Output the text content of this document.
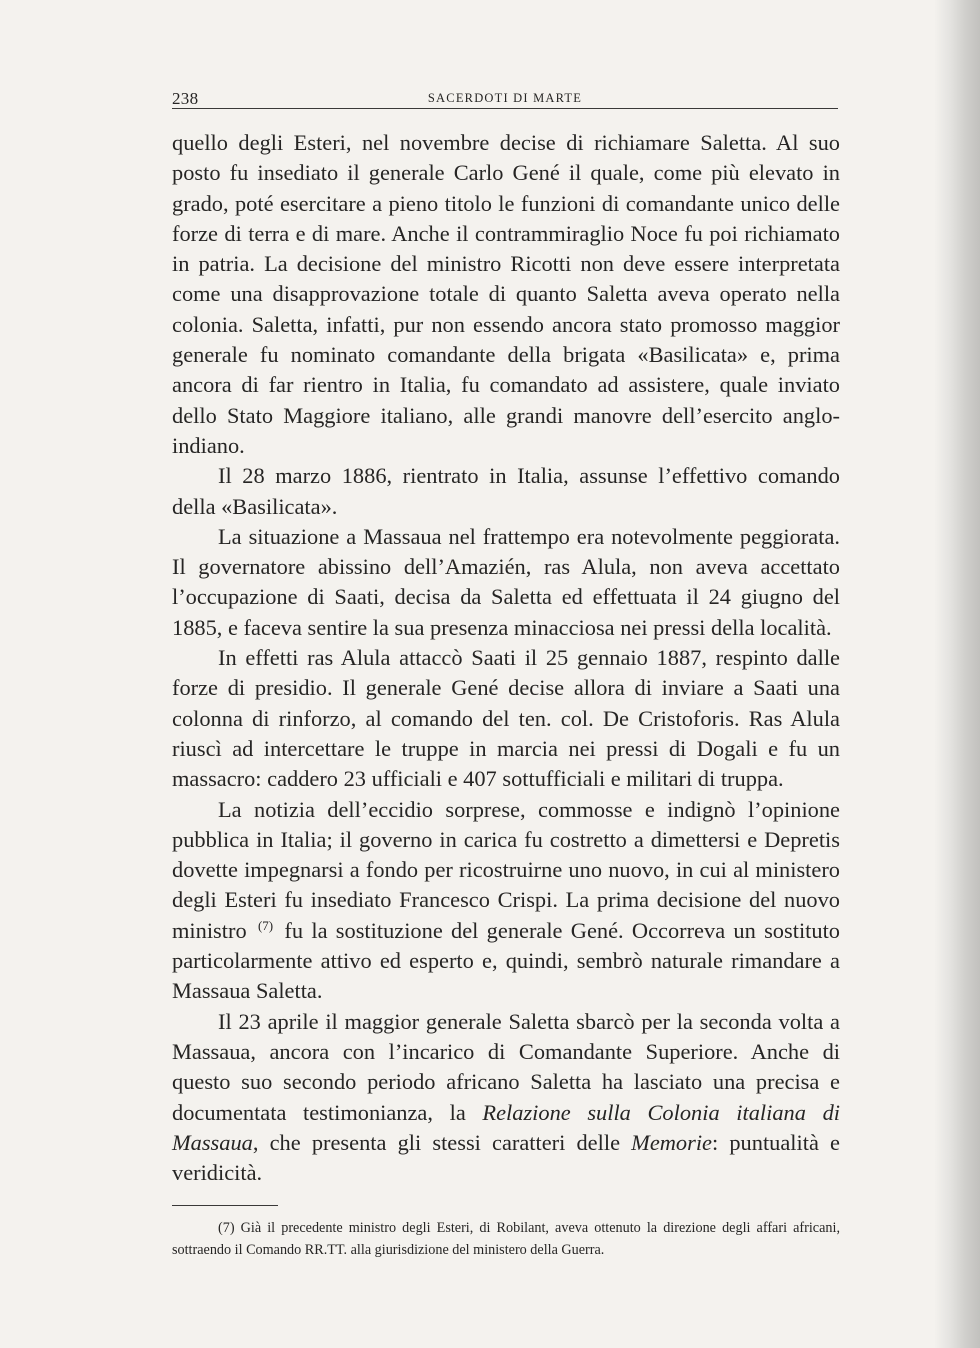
238	SACERDOTI DI MARTE

quello degli Esteri, nel novembre decise di richiamare Saletta. Al suo posto fu insediato il generale Carlo Gené il quale, come più elevato in grado, poté esercitare a pieno titolo le funzioni di comandante unico delle forze di terra e di mare. Anche il contrammiraglio Noce fu poi richiamato in patria. La decisione del ministro Ricotti non deve essere interpretata come una disapprovazione totale di quanto Saletta aveva operato nella colonia. Saletta, infatti, pur non essendo ancora stato promosso maggior generale fu nominato comandante della brigata «Basilicata» e, prima ancora di far rientro in Italia, fu comandato ad assistere, quale inviato dello Stato Maggiore italiano, alle grandi manovre dell’esercito anglo-indiano.

Il 28 marzo 1886, rientrato in Italia, assunse l’effettivo comando della «Basilicata».

La situazione a Massaua nel frattempo era notevolmente peggiorata. Il governatore abissino dell’Amazién, ras Alula, non aveva accettato l’occupazione di Saati, decisa da Saletta ed effettuata il 24 giugno del 1885, e faceva sentire la sua presenza minacciosa nei pressi della località.

In effetti ras Alula attaccò Saati il 25 gennaio 1887, respinto dalle forze di presidio. Il generale Gené decise allora di inviare a Saati una colonna di rinforzo, al comando del ten. col. De Cristoforis. Ras Alula riuscì ad intercettare le truppe in marcia nei pressi di Dogali e fu un massacro: caddero 23 ufficiali e 407 sottufficiali e militari di truppa.

La notizia dell’eccidio sorprese, commosse e indignò l’opinione pubblica in Italia; il governo in carica fu costretto a dimettersi e Depretis dovette impegnarsi a fondo per ricostruirne uno nuovo, in cui al ministero degli Esteri fu insediato Francesco Crispi. La prima decisione del nuovo ministro $^{(7)}$ fu la sostituzione del generale Gené. Occorreva un sostituto particolarmente attivo ed esperto e, quindi, sembrò naturale rimandare a Massaua Saletta.

Il 23 aprile il maggior generale Saletta sbarcò per la seconda volta a Massaua, ancora con l’incarico di Comandante Superiore. Anche di questo suo secondo periodo africano Saletta ha lasciato una precisa e documentata testimonianza, la Relazione sulla Colonia italiana di Massaua, che presenta gli stessi caratteri delle Memorie: puntualità e veridicità.

(7) Già il precedente ministro degli Esteri, di Robilant, aveva ottenuto la direzione degli affari africani, sottraendo il Comando RR.TT. alla giurisdizione del ministero della Guerra.
